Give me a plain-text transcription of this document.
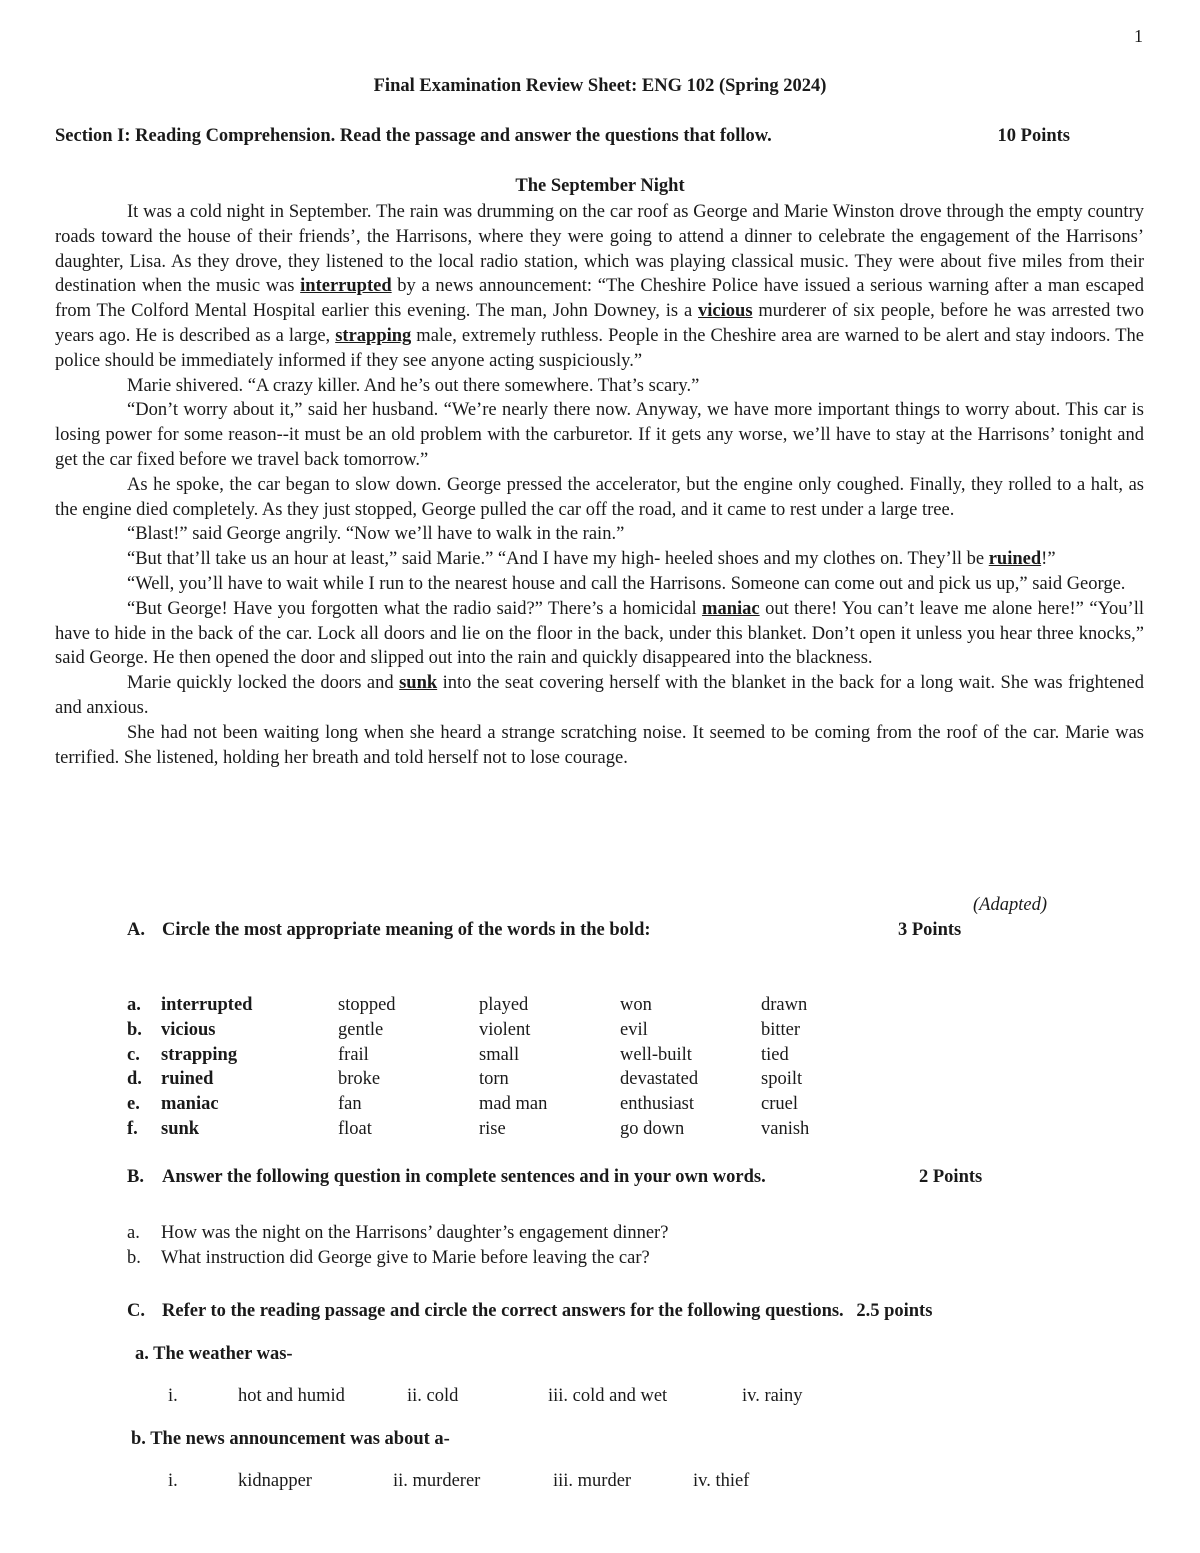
1
Final Examination Review Sheet: ENG 102 (Spring 2024)
Section I: Reading Comprehension. Read the passage and answer the questions that follow.	10 Points
The September Night

It was a cold night in September. The rain was drumming on the car roof as George and Marie Winston drove through the empty country roads toward the house of their friends’, the Harrisons, where they were going to attend a dinner to celebrate the engagement of the Harrisons’ daughter, Lisa. As they drove, they listened to the local radio station, which was playing classical music. They were about five miles from their destination when the music was interrupted by a news announcement: “The Cheshire Police have issued a serious warning after a man escaped from The Colford Mental Hospital earlier this evening. The man, John Downey, is a vicious murderer of six people, before he was arrested two years ago. He is described as a large, strapping male, extremely ruthless. People in the Cheshire area are warned to be alert and stay indoors. The police should be immediately informed if they see anyone acting suspiciously.”

Marie shivered. “A crazy killer. And he’s out there somewhere. That’s scary.”

“Don’t worry about it,” said her husband. “We’re nearly there now. Anyway, we have more important things to worry about. This car is losing power for some reason--it must be an old problem with the carburetor. If it gets any worse, we’ll have to stay at the Harrisons’ tonight and get the car fixed before we travel back tomorrow.”

As he spoke, the car began to slow down. George pressed the accelerator, but the engine only coughed. Finally, they rolled to a halt, as the engine died completely. As they just stopped, George pulled the car off the road, and it came to rest under a large tree.

“Blast!” said George angrily. “Now we’ll have to walk in the rain.”

“But that’ll take us an hour at least,” said Marie.” “And I have my high- heeled shoes and my clothes on. They’ll be ruined!”

“Well, you’ll have to wait while I run to the nearest house and call the Harrisons. Someone can come out and pick us up,” said George.

“But George! Have you forgotten what the radio said?” There’s a homicidal maniac out there! You can’t leave me alone here!” “You’ll have to hide in the back of the car. Lock all doors and lie on the floor in the back, under this blanket. Don’t open it unless you hear three knocks,” said George. He then opened the door and slipped out into the rain and quickly disappeared into the blackness.

Marie quickly locked the doors and sunk into the seat covering herself with the blanket in the back for a long wait. She was frightened and anxious.

She had not been waiting long when she heard a strange scratching noise. It seemed to be coming from the roof of the car. Marie was terrified. She listened, holding her breath and told herself not to lose courage.

(Adapted)
A. Circle the most appropriate meaning of the words in the bold:	3 Points
a.	interrupted	stopped	played	won	drawn
b.	vicious	gentle	violent	evil	bitter
c.	strapping	frail	small	well-built	tied
d.	ruined	broke	torn	devastated	spoilt
e.	maniac	fan	mad man	enthusiast	cruel
f.	sunk	float	rise	go down	vanish
B. Answer the following question in complete sentences and in your own words.	2 Points
a.	How was the night on the Harrisons’ daughter’s engagement dinner?
b.	What instruction did George give to Marie before leaving the car?
C. Refer to the reading passage and circle the correct answers for the following questions. 2.5 points
a. The weather was-
i.	hot and humid	ii. cold	iii. cold and wet	iv. rainy
b. The news announcement was about a-
i.	kidnapper	ii. murderer	iii. murder	iv. thief
